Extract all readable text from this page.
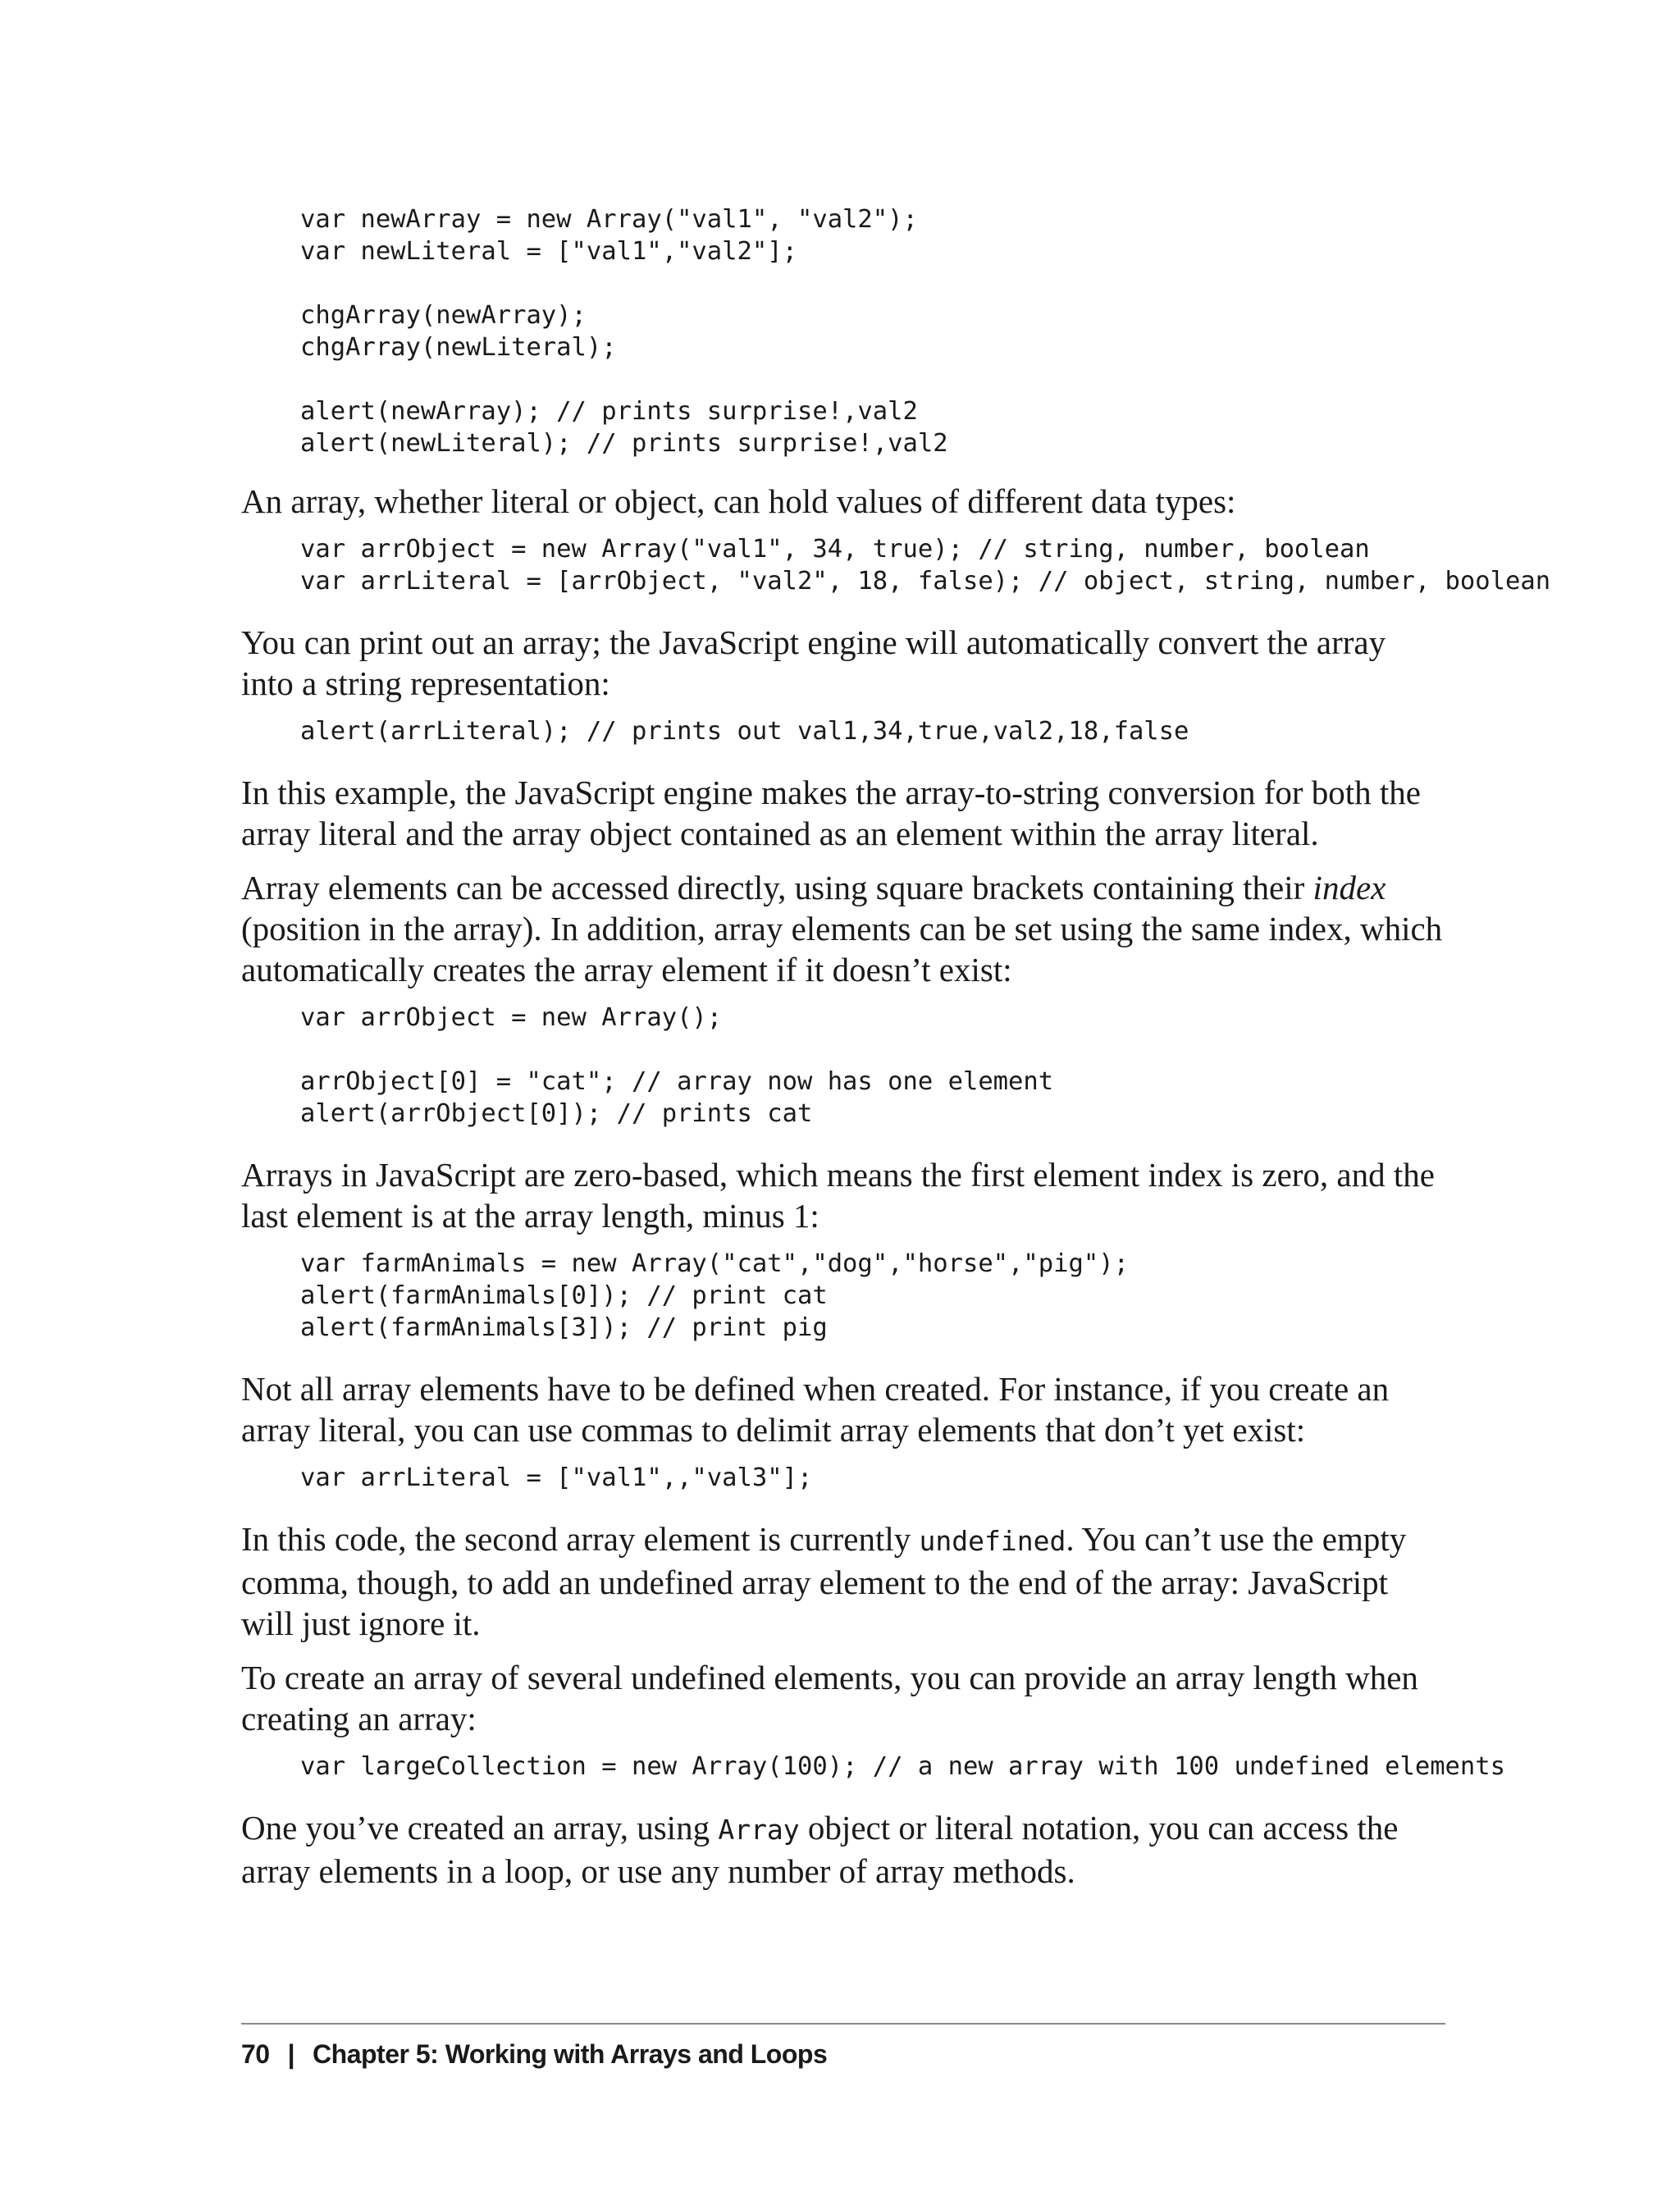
var newArray = new Array("val1", "val2");
var newLiteral = ["val1","val2"];

chgArray(newArray);
chgArray(newLiteral);

alert(newArray); // prints surprise!,val2
alert(newLiteral); // prints surprise!,val2

An array, whether literal or object, can hold values of different data types:

var arrObject = new Array("val1", 34, true); // string, number, boolean
var arrLiteral = [arrObject, "val2", 18, false); // object, string, number, boolean

You can print out an array; the JavaScript engine will automatically convert the array into a string representation:

alert(arrLiteral); // prints out val1,34,true,val2,18,false

In this example, the JavaScript engine makes the array-to-string conversion for both the array literal and the array object contained as an element within the array literal.

Array elements can be accessed directly, using square brackets containing their index (position in the array). In addition, array elements can be set using the same index, which automatically creates the array element if it doesn’t exist:

var arrObject = new Array();

arrObject[0] = "cat"; // array now has one element
alert(arrObject[0]); // prints cat

Arrays in JavaScript are zero-based, which means the first element index is zero, and the last element is at the array length, minus 1:

var farmAnimals = new Array("cat","dog","horse","pig");
alert(farmAnimals[0]); // print cat
alert(farmAnimals[3]); // print pig

Not all array elements have to be defined when created. For instance, if you create an array literal, you can use commas to delimit array elements that don’t yet exist:

var arrLiteral = ["val1",,"val3"];

In this code, the second array element is currently undefined. You can’t use the empty comma, though, to add an undefined array element to the end of the array: JavaScript will just ignore it.

To create an array of several undefined elements, you can provide an array length when creating an array:

var largeCollection = new Array(100); // a new array with 100 undefined elements

One you’ve created an array, using Array object or literal notation, you can access the array elements in a loop, or use any number of array methods.

70 | Chapter 5: Working with Arrays and Loops
